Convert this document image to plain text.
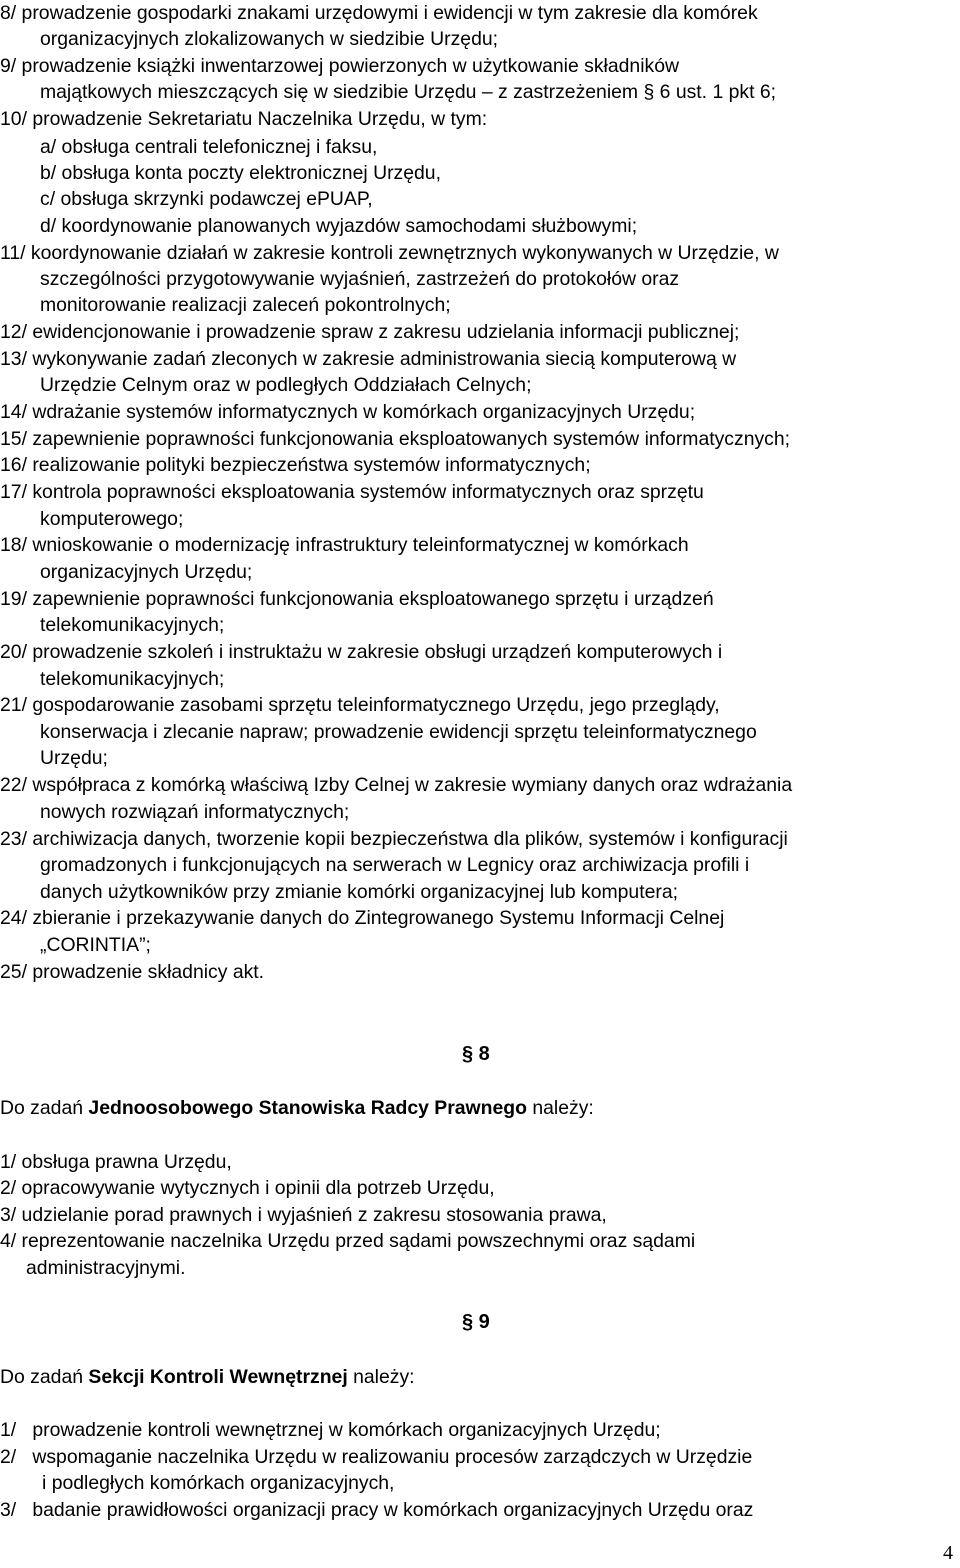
8/ prowadzenie gospodarki znakami urzędowymi i ewidencji w tym zakresie dla komórek
organizacyjnych zlokalizowanych w siedzibie Urzędu;
9/ prowadzenie książki inwentarzowej powierzonych w użytkowanie składników
majątkowych mieszczących się w siedzibie Urzędu – z zastrzeżeniem § 6 ust. 1 pkt 6;
10/ prowadzenie Sekretariatu Naczelnika Urzędu, w tym:
a/ obsługa centrali telefonicznej i faksu,
b/ obsługa konta poczty elektronicznej Urzędu,
c/ obsługa skrzynki podawczej ePUAP,
d/ koordynowanie planowanych wyjazdów samochodami służbowymi;
11/ koordynowanie działań w zakresie kontroli zewnętrznych wykonywanych w Urzędzie, w
szczególności przygotowywanie wyjaśnień, zastrzeżeń do protokołów oraz
monitorowanie realizacji zaleceń pokontrolnych;
12/ ewidencjonowanie i prowadzenie spraw z zakresu udzielania informacji publicznej;
13/ wykonywanie zadań zleconych w zakresie administrowania siecią komputerową w
Urzędzie Celnym oraz w podległych Oddziałach Celnych;
14/ wdrażanie systemów informatycznych w komórkach organizacyjnych Urzędu;
15/ zapewnienie poprawności funkcjonowania eksploatowanych systemów informatycznych;
16/ realizowanie polityki bezpieczeństwa systemów informatycznych;
17/ kontrola poprawności eksploatowania systemów informatycznych oraz sprzętu
komputerowego;
18/ wnioskowanie o modernizację infrastruktury teleinformatycznej w komórkach
organizacyjnych Urzędu;
19/ zapewnienie poprawności funkcjonowania eksploatowanego sprzętu i urządzeń
telekomunikacyjnych;
20/ prowadzenie szkoleń i instruktażu w zakresie obsługi urządzeń komputerowych i
telekomunikacyjnych;
21/ gospodarowanie zasobami sprzętu teleinformatycznego Urzędu, jego przeglądy,
konserwacja i zlecanie napraw; prowadzenie ewidencji sprzętu teleinformatycznego
Urzędu;
22/ współpraca z komórką właściwą Izby Celnej w zakresie wymiany danych oraz wdrażania
nowych rozwiązań informatycznych;
23/ archiwizacja danych, tworzenie kopii bezpieczeństwa dla plików, systemów i konfiguracji
gromadzonych i funkcjonujących na serwerach w Legnicy oraz archiwizacja profili i
danych użytkowników przy zmianie komórki organizacyjnej lub komputera;
24/ zbieranie i przekazywanie danych do Zintegrowanego Systemu Informacji Celnej
„CORINTIA”;
25/ prowadzenie składnicy akt.
§ 8
Do zadań Jednoosobowego Stanowiska Radcy Prawnego należy:
1/ obsługa prawna Urzędu,
2/ opracowywanie wytycznych i opinii dla potrzeb Urzędu,
3/ udzielanie porad prawnych i wyjaśnień z zakresu stosowania prawa,
4/ reprezentowanie naczelnika Urzędu przed sądami powszechnymi oraz sądami
administracyjnymi.
§ 9
Do zadań Sekcji Kontroli Wewnętrznej należy:
1/   prowadzenie kontroli wewnętrznej w komórkach organizacyjnych Urzędu;
2/   wspomaganie naczelnika Urzędu w realizowaniu procesów zarządczych w Urzędzie
i podległych komórkach organizacyjnych,
3/   badanie prawidłowości organizacji pracy w komórkach organizacyjnych Urzędu oraz
4
